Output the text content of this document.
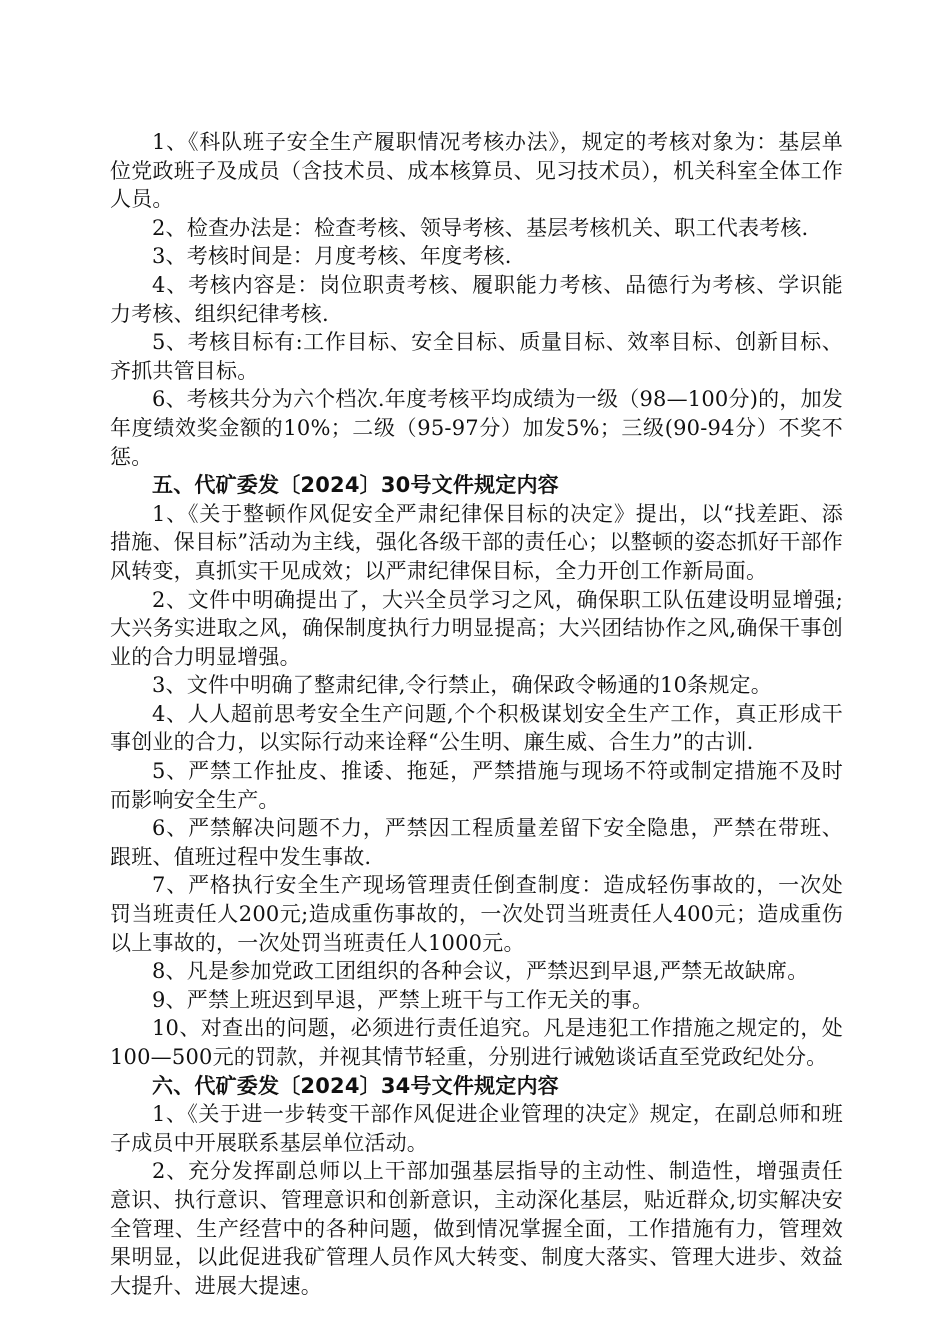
1、《科队班子安全生产履职情况考核办法》，规定的考核对象为：基层单位党政班子及成员（含技术员、成本核算员、见习技术员），机关科室全体工作人员。

2、检查办法是：检查考核、领导考核、基层考核机关、职工代表考核.

3、考核时间是：月度考核、年度考核.

4、考核内容是：岗位职责考核、履职能力考核、品德行为考核、学识能力考核、组织纪律考核.

5、考核目标有:工作目标、安全目标、质量目标、效率目标、创新目标、齐抓共管目标。

6、考核共分为六个档次.年度考核平均成绩为一级（98—100分)的，加发年度绩效奖金额的10%；二级（95-97分）加发5%；三级(90-94分）不奖不惩。

五、代矿委发〔2024〕30号文件规定内容

1、《关于整顿作风促安全严肃纪律保目标的决定》提出，以“找差距、添措施、保目标”活动为主线，强化各级干部的责任心；以整顿的姿态抓好干部作风转变，真抓实干见成效；以严肃纪律保目标，全力开创工作新局面。

2、文件中明确提出了，大兴全员学习之风，确保职工队伍建设明显增强;大兴务实进取之风，确保制度执行力明显提高；大兴团结协作之风,确保干事创业的合力明显增强。

3、文件中明确了整肃纪律,令行禁止，确保政令畅通的10条规定。

4、人人超前思考安全生产问题,个个积极谋划安全生产工作，真正形成干事创业的合力，以实际行动来诠释“公生明、廉生威、合生力”的古训.

5、严禁工作扯皮、推诿、拖延，严禁措施与现场不符或制定措施不及时而影响安全生产。

6、严禁解决问题不力，严禁因工程质量差留下安全隐患，严禁在带班、跟班、值班过程中发生事故.

7、严格执行安全生产现场管理责任倒查制度：造成轻伤事故的，一次处罚当班责任人200元;造成重伤事故的，一次处罚当班责任人400元；造成重伤以上事故的，一次处罚当班责任人1000元。

8、凡是参加党政工团组织的各种会议，严禁迟到早退,严禁无故缺席。

9、严禁上班迟到早退，严禁上班干与工作无关的事。

10、对查出的问题，必须进行责任追究。凡是违犯工作措施之规定的，处100—500元的罚款，并视其情节轻重，分别进行诫勉谈话直至党政纪处分。

六、代矿委发〔2024〕34号文件规定内容

1、《关于进一步转变干部作风促进企业管理的决定》规定，在副总师和班子成员中开展联系基层单位活动。

2、充分发挥副总师以上干部加强基层指导的主动性、制造性，增强责任意识、执行意识、管理意识和创新意识，主动深化基层，贴近群众,切实解决安全管理、生产经营中的各种问题，做到情况掌握全面，工作措施有力，管理效果明显，以此促进我矿管理人员作风大转变、制度大落实、管理大进步、效益大提升、进展大提速。
